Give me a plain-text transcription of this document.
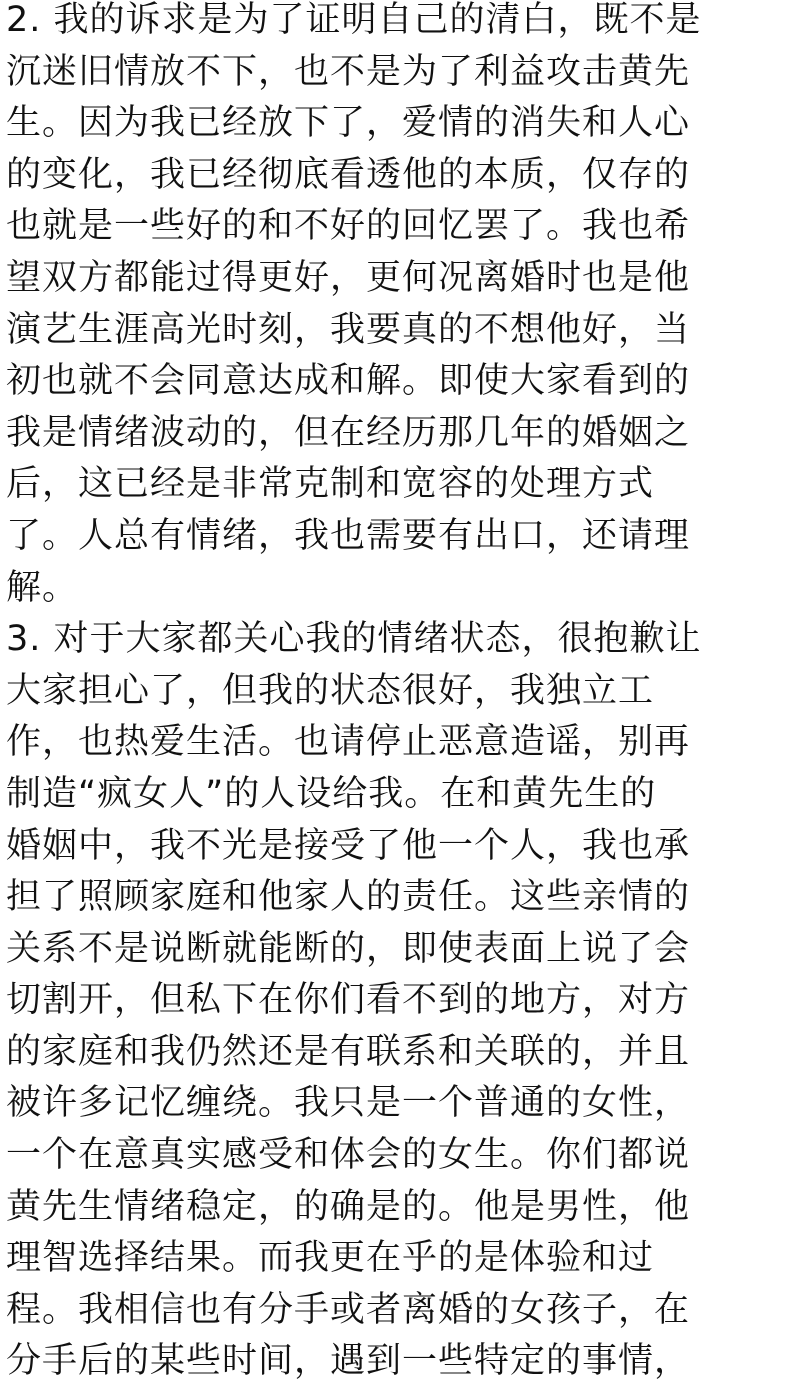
2. 我的诉求是为了证明自己的清白，既不是
沉迷旧情放不下，也不是为了利益攻击黄先
生。因为我已经放下了，爱情的消失和人心
的变化，我已经彻底看透他的本质，仅存的
也就是一些好的和不好的回忆罢了。我也希
望双方都能过得更好，更何况离婚时也是他
演艺生涯高光时刻，我要真的不想他好，当
初也就不会同意达成和解。即使大家看到的
我是情绪波动的，但在经历那几年的婚姻之
后，这已经是非常克制和宽容的处理方式
了。人总有情绪，我也需要有出口，还请理
解。
3. 对于大家都关心我的情绪状态，很抱歉让
大家担心了，但我的状态很好，我独立工
作，也热爱生活。也请停止恶意造谣，别再
制造“疯女人”的人设给我。在和黄先生的
婚姻中，我不光是接受了他一个人，我也承
担了照顾家庭和他家人的责任。这些亲情的
关系不是说断就能断的，即使表面上说了会
切割开，但私下在你们看不到的地方，对方
的家庭和我仍然还是有联系和关联的，并且
被许多记忆缠绕。我只是一个普通的女性，
一个在意真实感受和体会的女生。你们都说
黄先生情绪稳定，的确是的。他是男性，他
理智选择结果。而我更在乎的是体验和过
程。我相信也有分手或者离婚的女孩子，在
分手后的某些时间，遇到一些特定的事情，
